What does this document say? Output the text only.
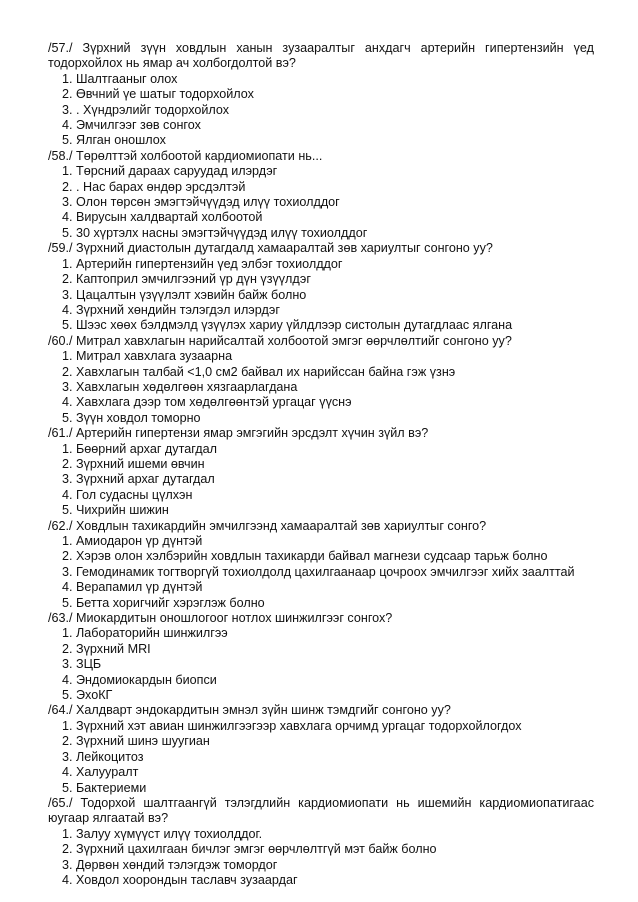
/57./ Зүрхний зүүн ховдлын ханын зузааралтыг анхдагч артерийн гипертензийн үед тодорхойлох нь ямар ач холбогдолтой вэ?
1. Шалтгааныг олох
2. Өвчний үе шатыг тодорхойлох
3. . Хүндрэлийг тодорхойлох
4. Эмчилгээг зөв сонгох
5. Ялган оношлох
/58./ Төрөлттэй холбоотой кардиомиопати нь...
1. Төрсний дараах саруудад илэрдэг
2. . Нас барах өндөр эрсдэлтэй
3. Олон төрсөн эмэгтэйчүүдэд илүү тохиолддог
4. Вирусын халдвартай холбоотой
5. 30 хүртэлх насны эмэгтэйчүүдэд илүү тохиолддог
/59./ Зүрхний диастолын дутагдалд хамааралтай зөв хариултыг сонгоно уу?
1. Артерийн гипертензийн үед элбэг тохиолддог
2. Каптоприл эмчилгээний үр дүн үзүүлдэг
3. Цацалтын үзүүлэлт хэвийн байж болно
4. Зүрхний хөндийн тэлэгдэл илэрдэг
5. Шээс хөөх бэлдмэлд үзүүлэх хариу үйлдлээр систолын дутагдлаас ялгана
/60./ Митрал хавхлагын нарийсалтай холбоотой эмгэг өөрчлөлтийг сонгоно уу?
1. Митрал хавхлага зузаарна
2. Хавхлагын талбай <1,0 см2 байвал их нарийссан байна гэж үзнэ
3. Хавхлагын хөдөлгөөн хязгаарлагдана
4. Хавхлага дээр том хөдөлгөөнтэй ургацаг үүснэ
5. Зүүн ховдол томорно
/61./ Артерийн гипертензи ямар эмгэгийн эрсдэлт хүчин зүйл вэ?
1. Бөөрний архаг дутагдал
2. Зүрхний ишеми өвчин
3. Зүрхний архаг дутагдал
4. Гол судасны цүлхэн
5. Чихрийн шижин
/62./ Ховдлын тахикардийн эмчилгээнд хамааралтай зөв хариултыг сонго?
1. Амиодарон үр дүнтэй
2. Хэрэв олон хэлбэрийн ховдлын тахикарди байвал магнези судсаар тарьж болно
3. Гемодинамик тогтворгүй тохиолдолд цахилгаанаар цочроох эмчилгээг хийх заалттай
4. Верапамил үр дүнтэй
5. Бетта хоригчийг хэрэглэж болно
/63./ Миокардитын оношлогоог нотлох шинжилгээг сонгох?
1. Лабораторийн шинжилгээ
2. Зүрхний MRI
3. ЗЦБ
4. Эндомиокардын биопси
5. ЭхоКГ
/64./ Халдварт эндокардитын эмнэл зүйн шинж тэмдгийг сонгоно уу?
1. Зүрхний хэт авиан шинжилгээгээр хавхлага орчимд ургацаг тодорхойлогдох
2. Зүрхний шинэ шуугиан
3. Лейкоцитоз
4. Халууралт
5. Бактериеми
/65./ Тодорхой шалтгаангүй тэлэгдлийн кардиомиопати нь ишемийн кардиомиопатигаас юугаар ялгаатай вэ?
1. Залуу хүмүүст илүү тохиолддог.
2. Зүрхний цахилгаан бичлэг эмгэг өөрчлөлтгүй мэт байж болно
3. Дөрвөн хөндий тэлэгдэж томордог
4. Ховдол хоорондын таславч зузаардаг
